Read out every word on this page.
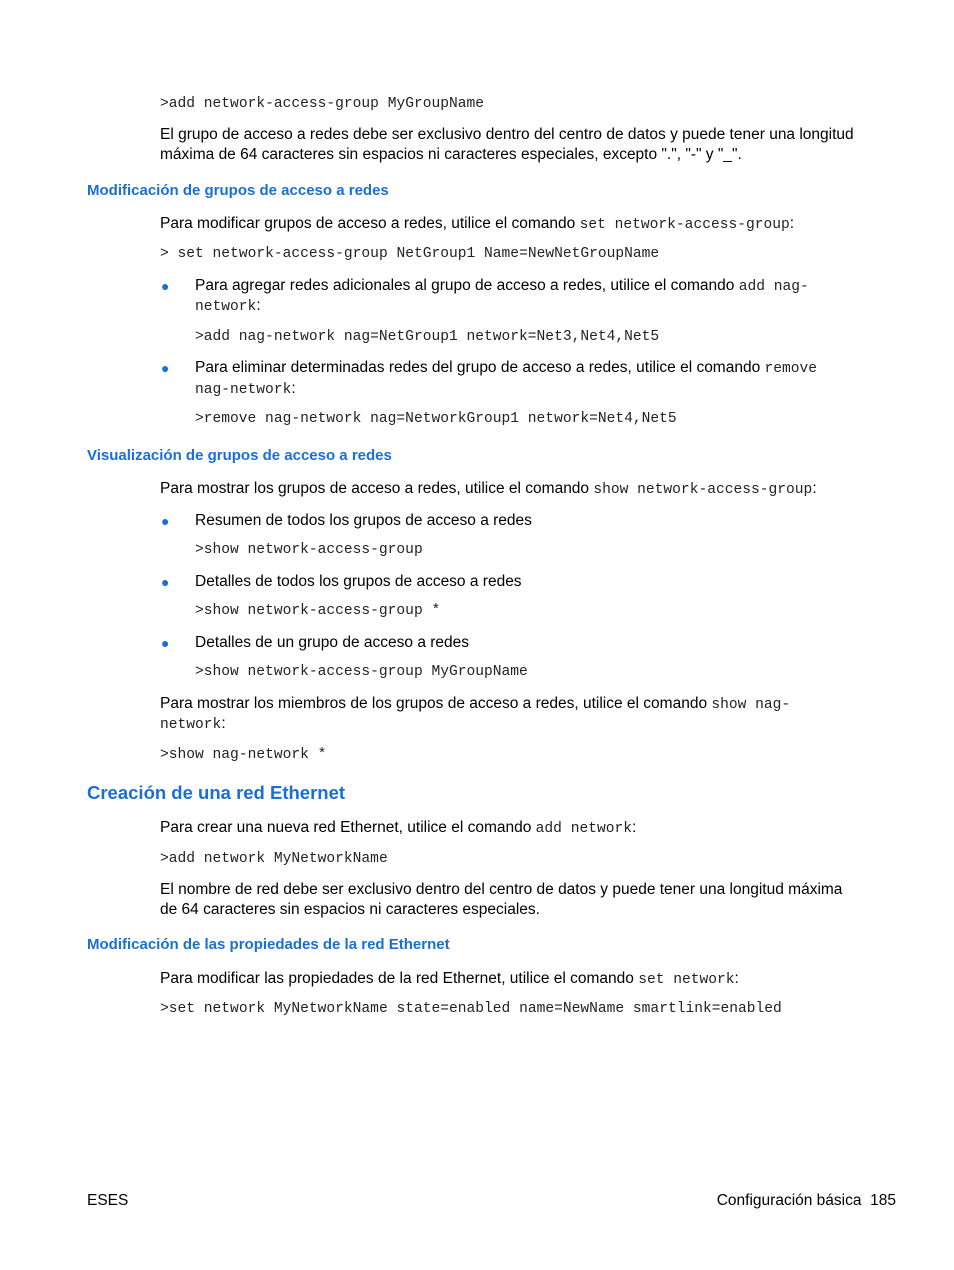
>add network-access-group MyGroupName

El grupo de acceso a redes debe ser exclusivo dentro del centro de datos y puede tener una longitud

máxima de 64 caracteres sin espacios ni caracteres especiales, excepto ".", "-" y "_".

Modificación de grupos de acceso a redes

Para modificar grupos de acceso a redes, utilice el comando set network-access-group:

> set network-access-group NetGroup1 Name=NewNetGroupName
● Para agregar redes adicionales al grupo de acceso a redes, utilice el comando add nag-

network:

>add nag-network nag=NetGroup1 network=Net3,Net4,Net5
● Para eliminar determinadas redes del grupo de acceso a redes, utilice el comando remove

nag-network:

>remove nag-network nag=NetworkGroup1 network=Net4,Net5
Visualización de grupos de acceso a redes

Para mostrar los grupos de acceso a redes, utilice el comando show network-access-group:

● Resumen de todos los grupos de acceso a redes

>show network-access-group
● Detalles de todos los grupos de acceso a redes

>show network-access-group *
● Detalles de un grupo de acceso a redes

>show network-access-group MyGroupName

Para mostrar los miembros de los grupos de acceso a redes, utilice el comando show nag-

network:

>show nag-network *
Creación de una red Ethernet

Para crear una nueva red Ethernet, utilice el comando add network:

>add network MyNetworkName

El nombre de red debe ser exclusivo dentro del centro de datos y puede tener una longitud máxima

de 64 caracteres sin espacios ni caracteres especiales.

Modificación de las propiedades de la red Ethernet

Para modificar las propiedades de la red Ethernet, utilice el comando set network:

>set network MyNetworkName state=enabled name=NewName smartlink=enabled
ESES	Configuración básica 185
